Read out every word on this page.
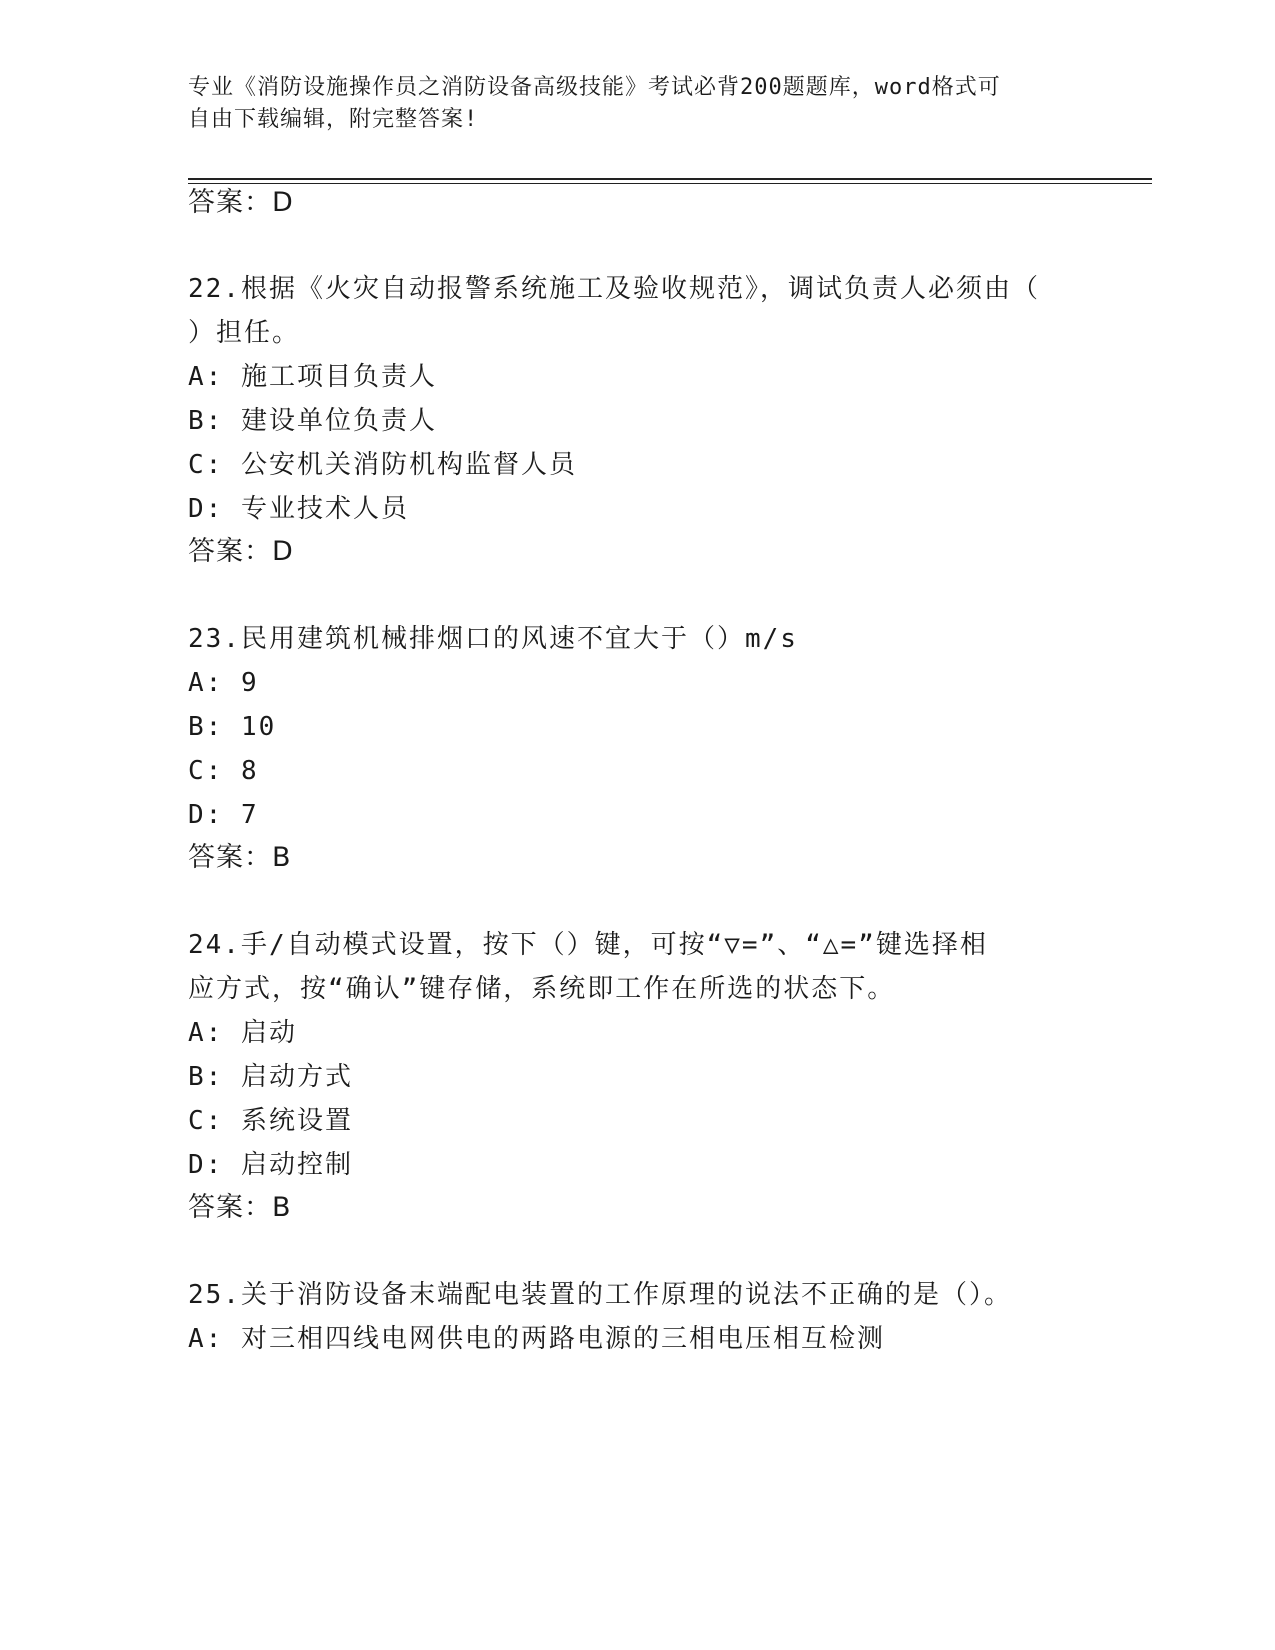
专业《消防设施操作员之消防设备高级技能》考试必背200题题库，word格式可
自由下载编辑，附完整答案!
答案：D
22.根据《火灾自动报警系统施工及验收规范》，调试负责人必须由（
）担任。
A: 施工项目负责人
B: 建设单位负责人
C: 公安机关消防机构监督人员
D: 专业技术人员
答案：D
23.民用建筑机械排烟口的风速不宜大于（）m/s
A: 9
B: 10
C: 8
D: 7
答案：B
24.手/自动模式设置，按下（）键，可按“▽=”、“△=”键选择相
应方式，按“确认”键存储，系统即工作在所选的状态下。
A: 启动
B: 启动方式
C: 系统设置
D: 启动控制
答案：B
25.关于消防设备末端配电装置的工作原理的说法不正确的是（）。
A: 对三相四线电网供电的两路电源的三相电压相互检测
